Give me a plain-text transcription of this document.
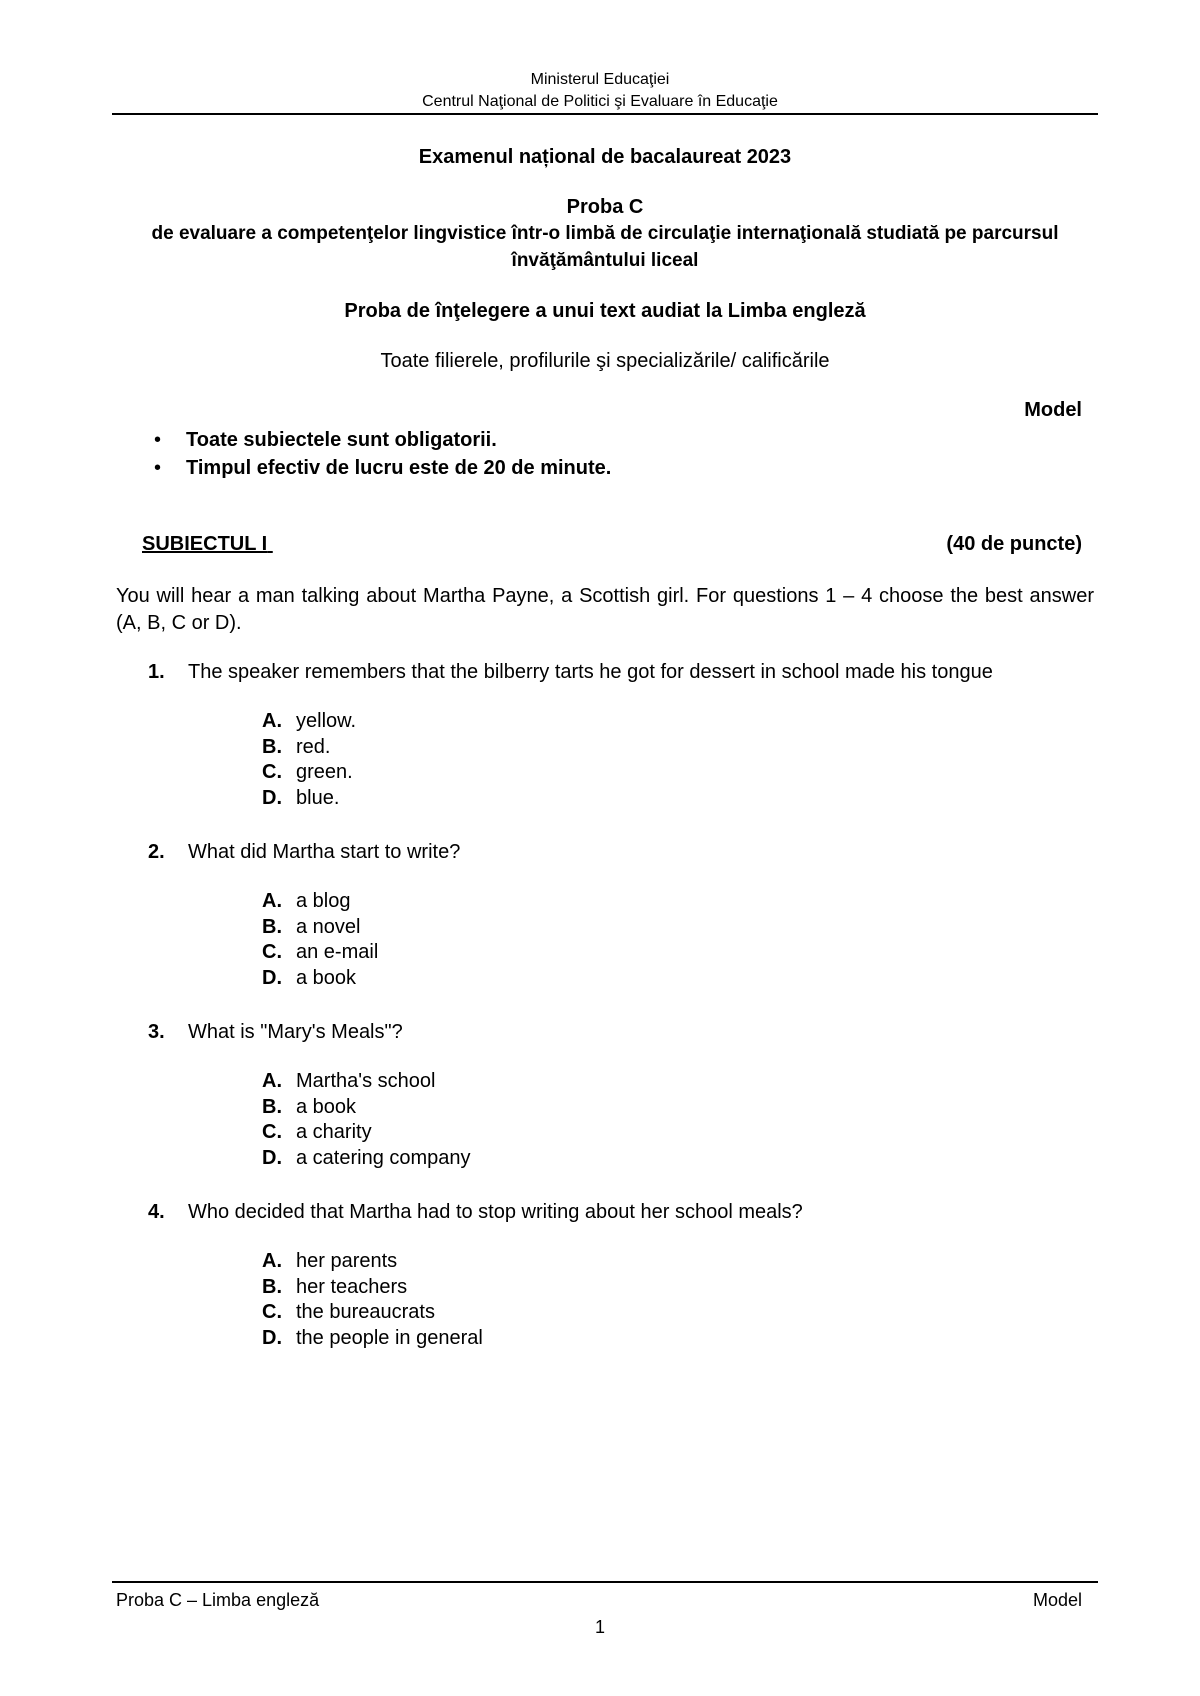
Ministerul Educaţiei
Centrul Naţional de Politici şi Evaluare în Educaţie
Examenul național de bacalaureat 2023
Proba C
de evaluare a competenţelor lingvistice într-o limbă de circulaţie internaţională studiată pe parcursul învăţământului liceal
Proba de înţelegere a unui text audiat la Limba engleză
Toate filierele, profilurile şi specializările/ calificările
Model
• Toate subiectele sunt obligatorii.
• Timpul efectiv de lucru este de 20 de minute.
SUBIECTUL I	(40 de puncte)
You will hear a man talking about Martha Payne, a Scottish girl. For questions 1 – 4 choose the best answer (A, B, C or D).
1. The speaker remembers that the bilberry tarts he got for dessert in school made his tongue
A. yellow.
B. red.
C. green.
D. blue.
2. What did Martha start to write?
A. a blog
B. a novel
C. an e-mail
D. a book
3. What is "Mary's Meals"?
A. Martha's school
B. a book
C. a charity
D. a catering company
4. Who decided that Martha had to stop writing about her school meals?
A. her parents
B. her teachers
C. the bureaucrats
D. the people in general
Proba C – Limba engleză	Model
1
